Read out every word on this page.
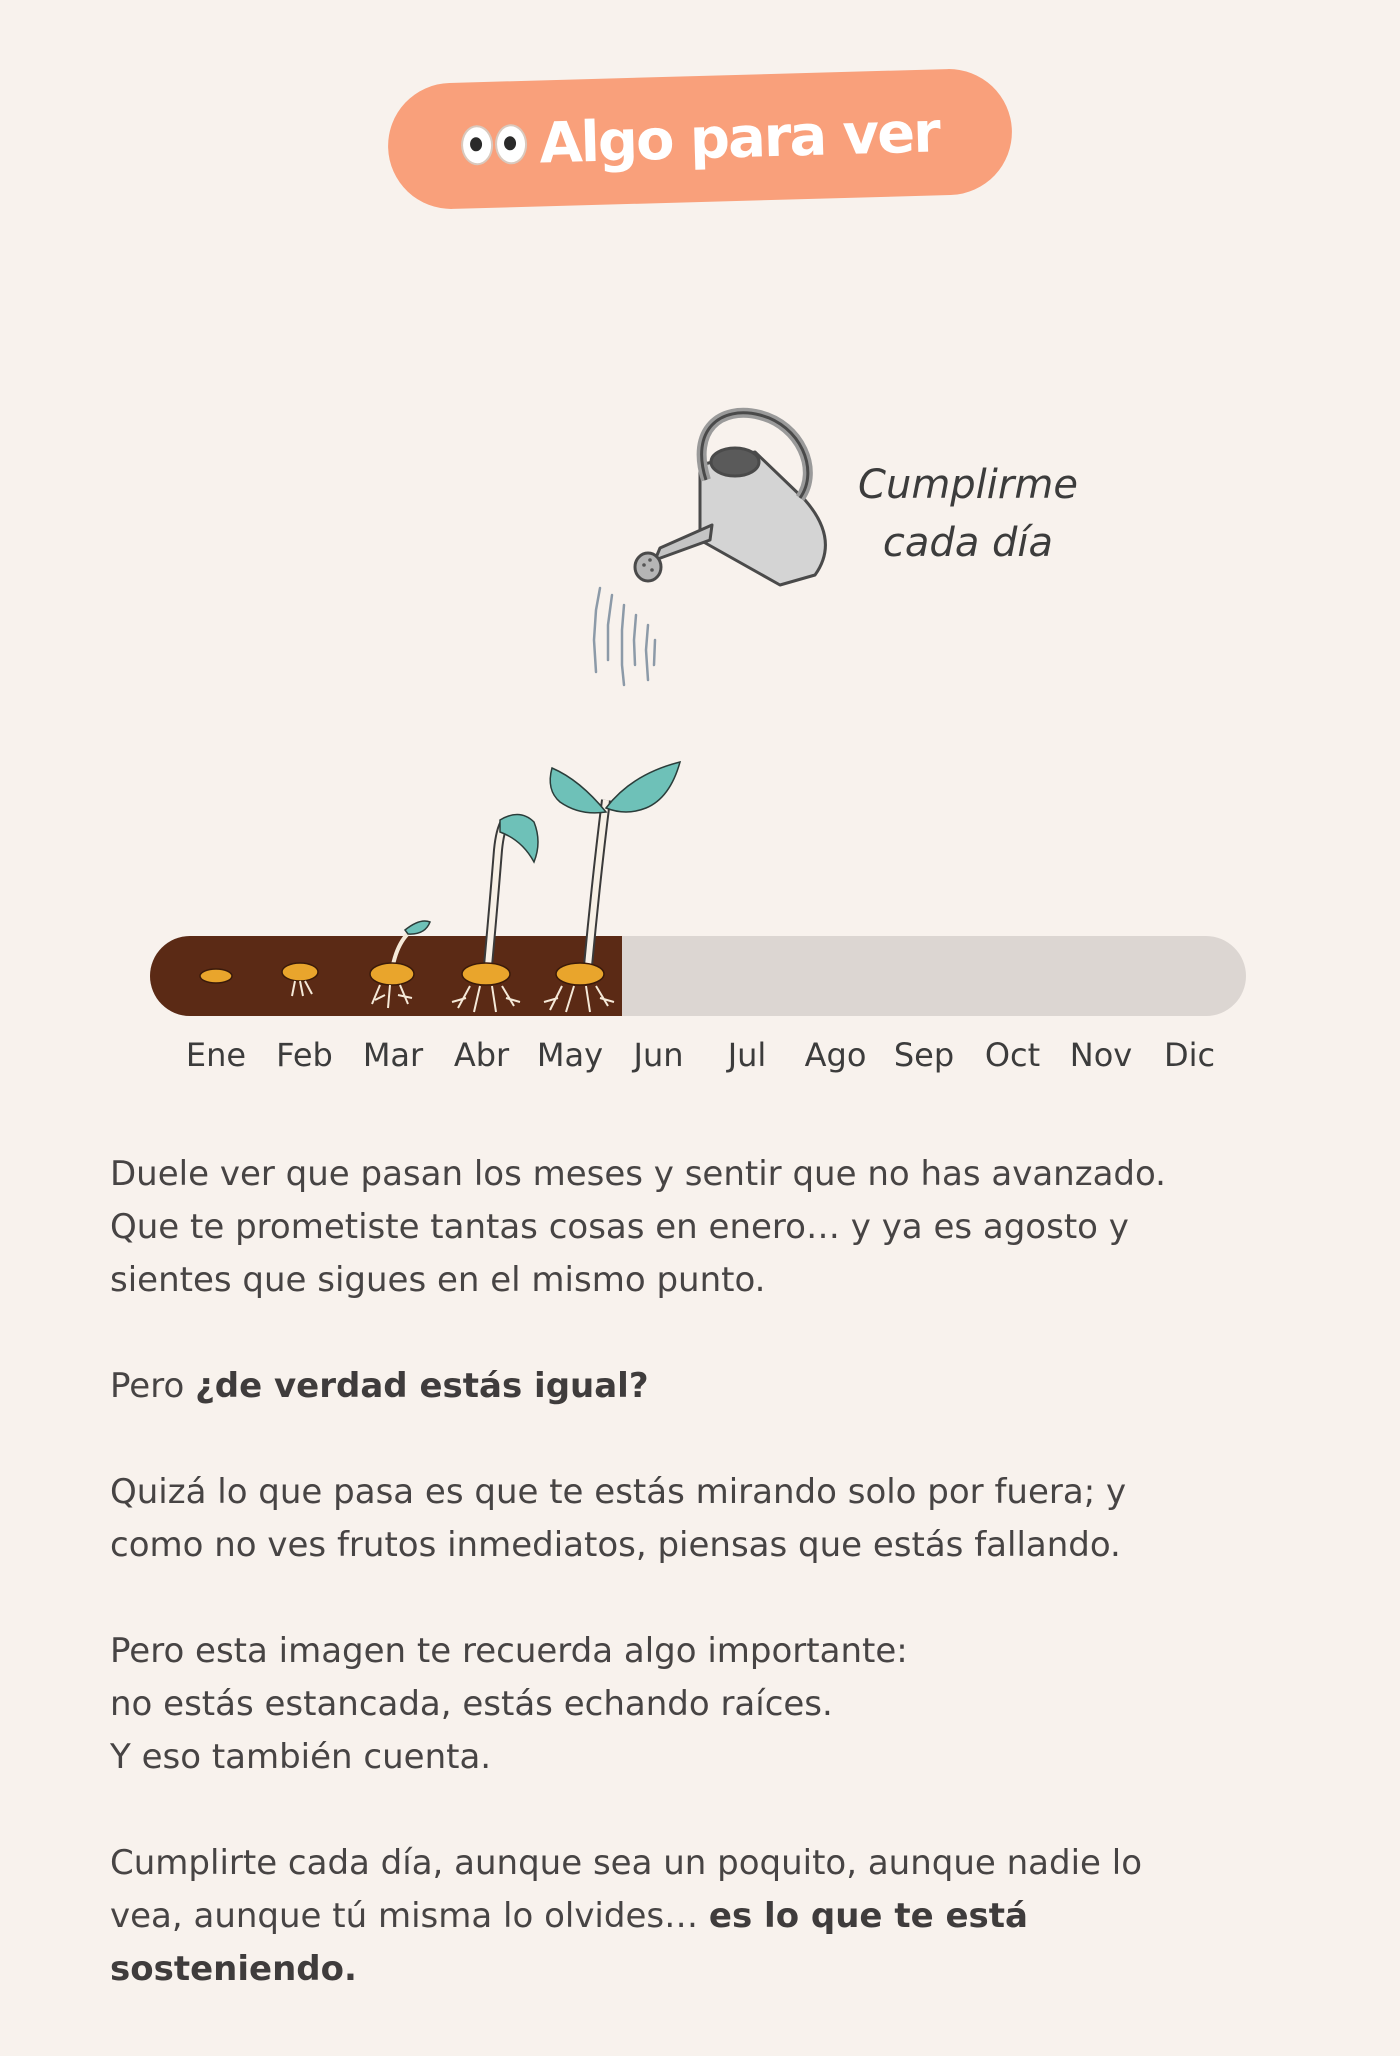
Algo para ver
Cumplirme
cada día
Ene Feb Mar Abr May Jun Jul Ago Sep Oct Nov Dic

Duele ver que pasan los meses y sentir que no has avanzado.
Que te prometiste tantas cosas en enero… y ya es agosto y
sientes que sigues en el mismo punto.

Pero ¿de verdad estás igual?

Quizá lo que pasa es que te estás mirando solo por fuera; y
como no ves frutos inmediatos, piensas que estás fallando.

Pero esta imagen te recuerda algo importante:
no estás estancada, estás echando raíces.
Y eso también cuenta.

Cumplirte cada día, aunque sea un poquito, aunque nadie lo
vea, aunque tú misma lo olvides… es lo que te está
sosteniendo.
